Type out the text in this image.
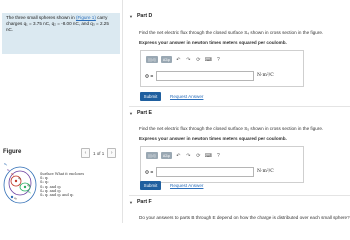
The three small spheres shown in (Figure 1) carry charges q₁ = 3.75 nC, q₂ = -8.00 nC, and q₃ = 2.25 nC.
Figure	‹	1 of 1	›
q₁
q₂
q₃
S₁
S₂
S₃
S₄
Surface What it encloses
S₁ q₁
S₂ q₂
S₃ q₁ and q₂
S₄ q₁ and q₃
S₅ q₁ and q₂ and q₃
▼ Part D
Find the net electric flux through the closed surface S₄ shown in cross section in the figure.
Express your answer in newton times meters squared per coulomb.
▯▯√▯	ΑΣφ	↶ ↷ ⟳ ⌨	?
Φ =	N·m²/C
Submit	Request Answer
▼ Part E
Find the net electric flux through the closed surface S₅ shown in cross section in the figure.
Express your answer in newton times meters squared per coulomb.
▯▯√▯	ΑΣφ	↶ ↷ ⟳ ⌨	?
Φ =	N·m²/C
Submit	Request Answer
▼ Part F
Do your answers to parts B through E depend on how the charge is distributed over each small sphere?
